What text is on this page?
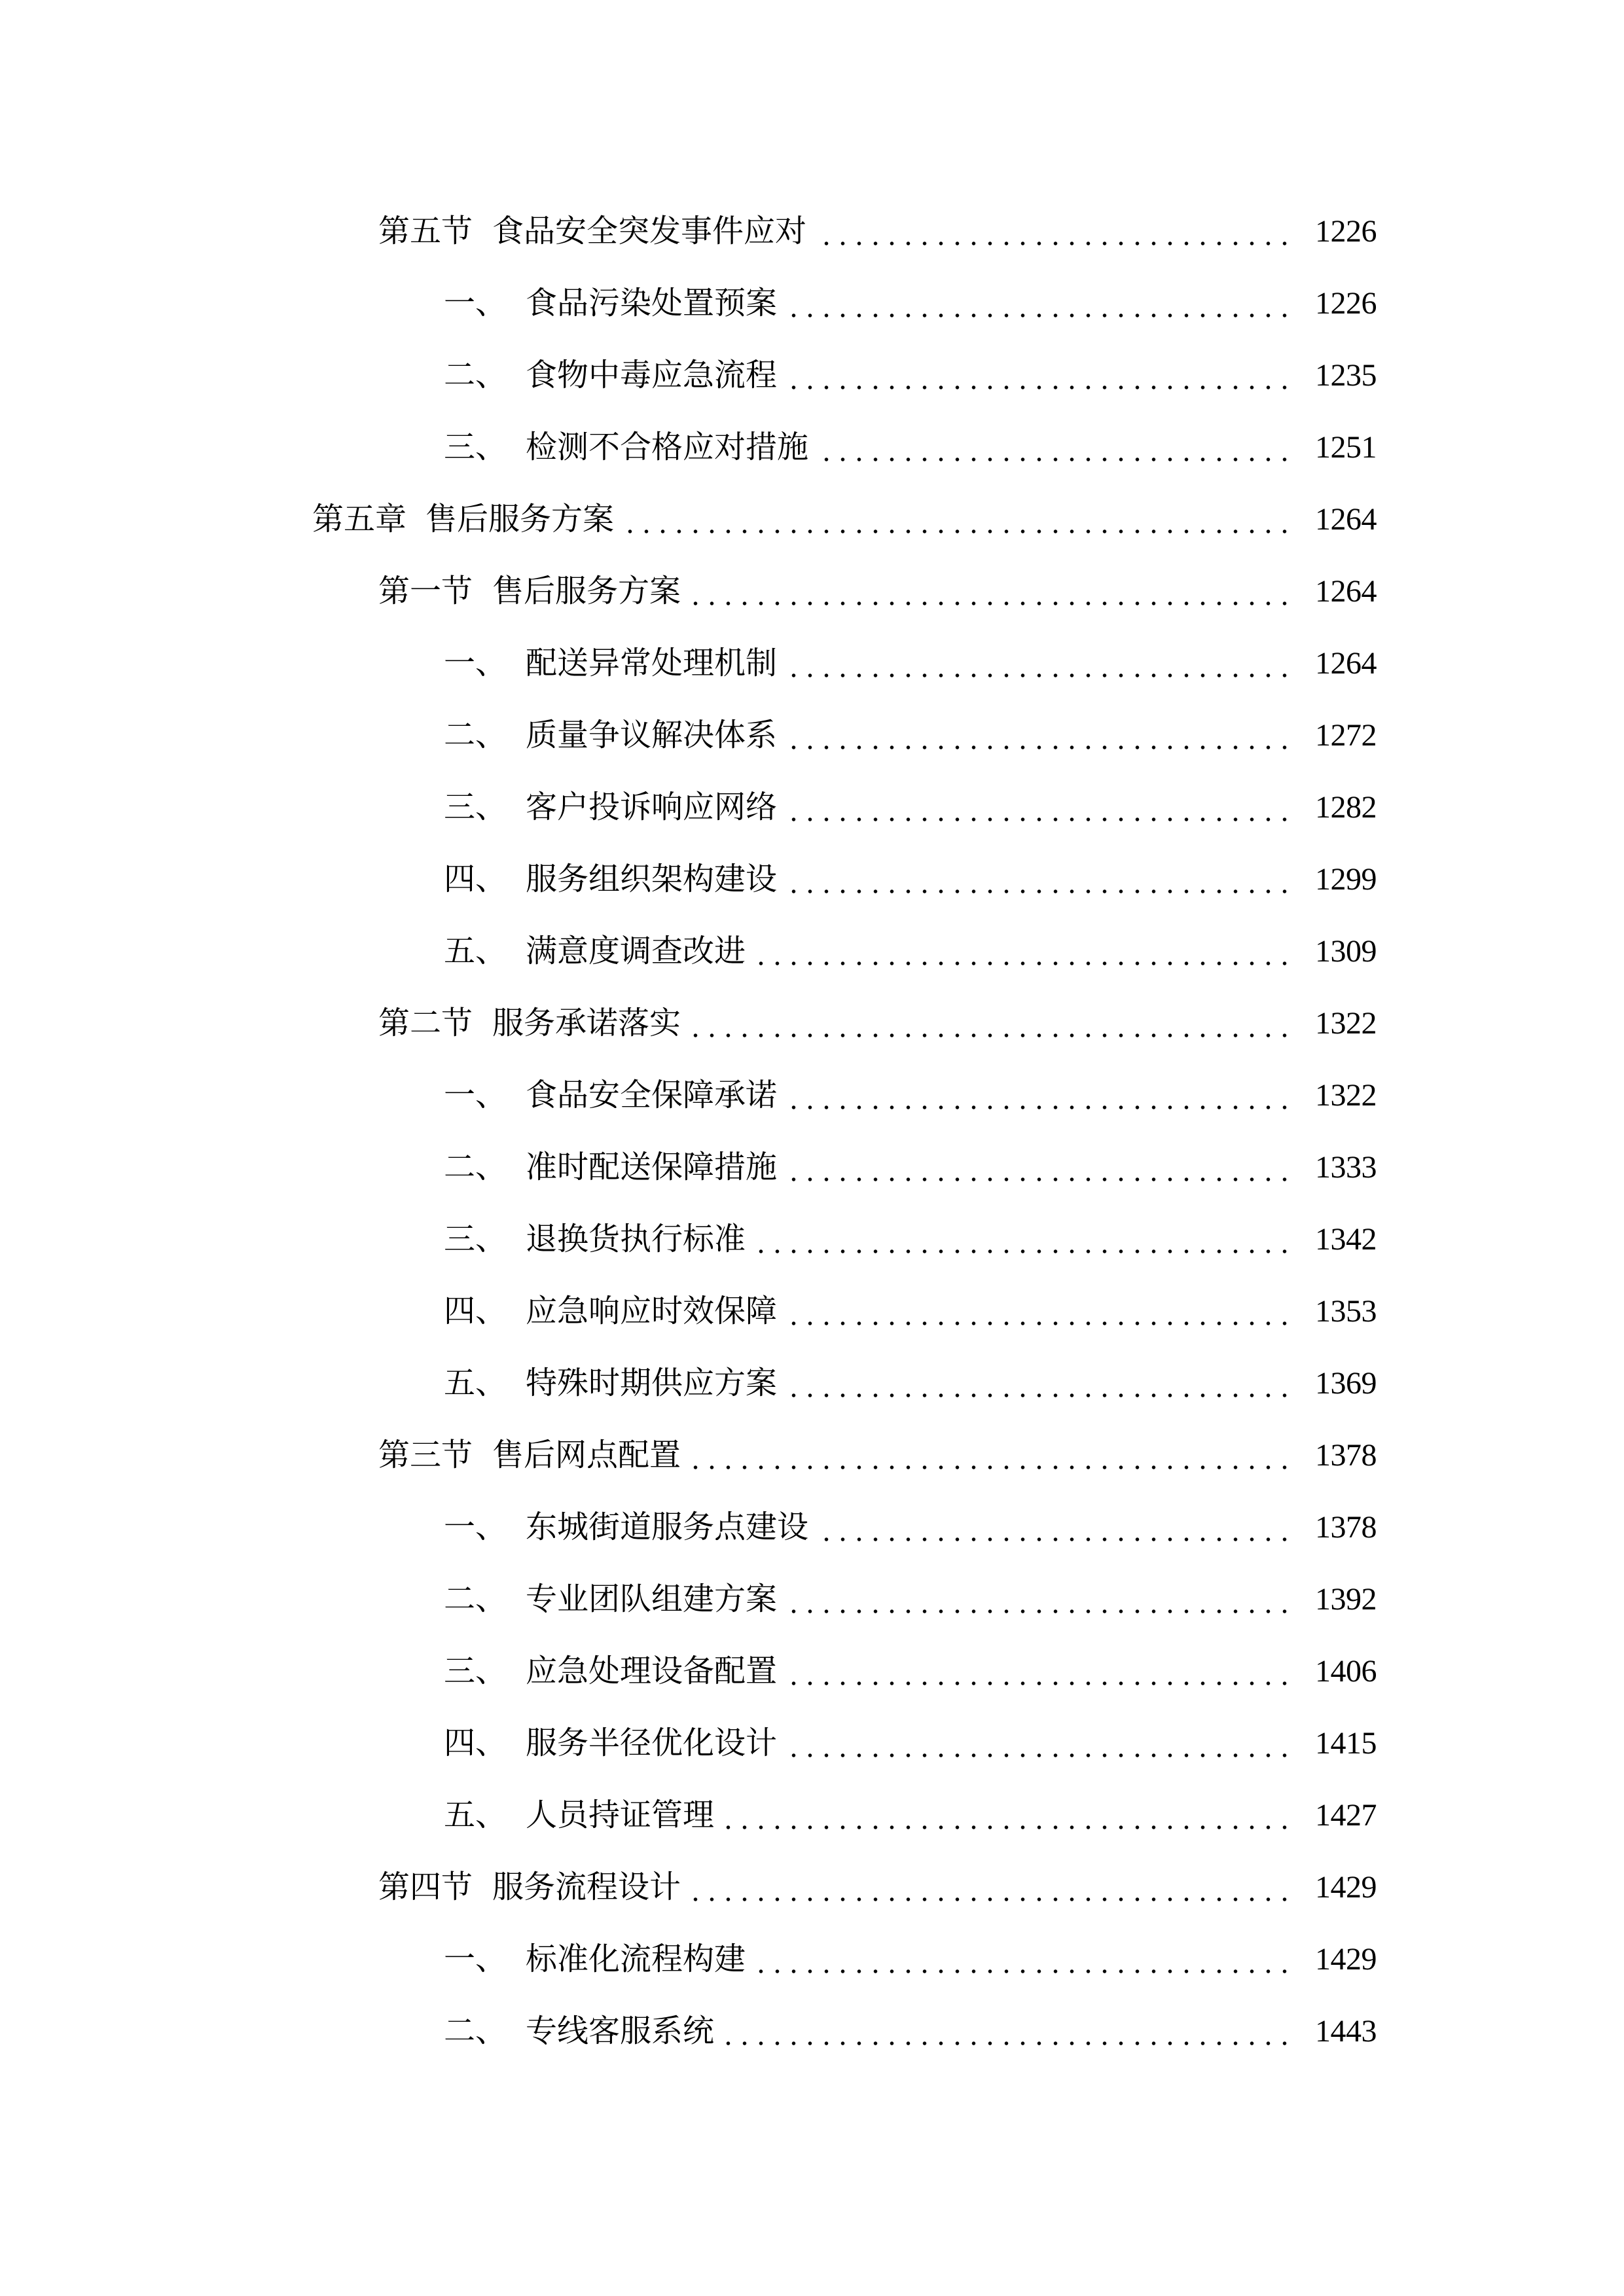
第五节 食品安全突发事件应对	1226
一、 食品污染处置预案	1226
二、 食物中毒应急流程	1235
三、 检测不合格应对措施	1251
第五章 售后服务方案	1264
第一节 售后服务方案	1264
一、 配送异常处理机制	1264
二、 质量争议解决体系	1272
三、 客户投诉响应网络	1282
四、 服务组织架构建设	1299
五、 满意度调查改进	1309
第二节 服务承诺落实	1322
一、 食品安全保障承诺	1322
二、 准时配送保障措施	1333
三、 退换货执行标准	1342
四、 应急响应时效保障	1353
五、 特殊时期供应方案	1369
第三节 售后网点配置	1378
一、 东城街道服务点建设	1378
二、 专业团队组建方案	1392
三、 应急处理设备配置	1406
四、 服务半径优化设计	1415
五、 人员持证管理	1427
第四节 服务流程设计	1429
一、 标准化流程构建	1429
二、 专线客服系统	1443
